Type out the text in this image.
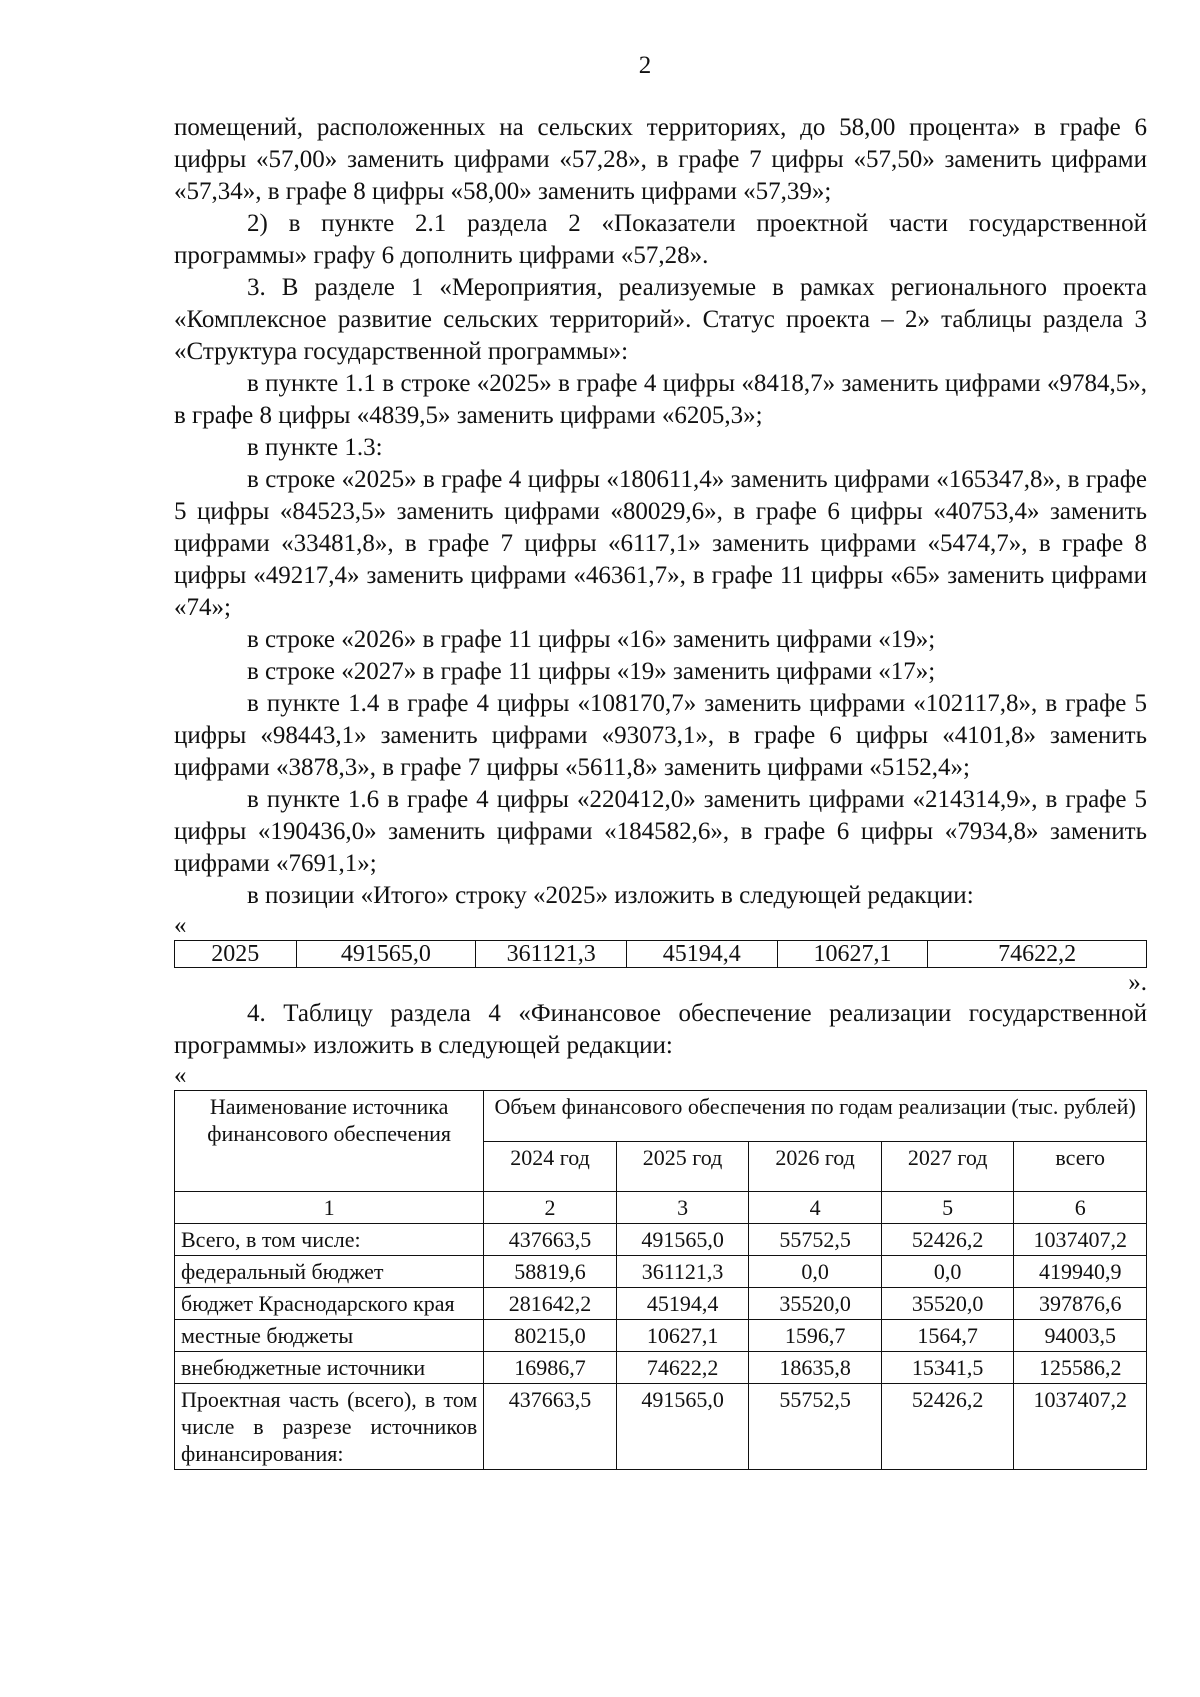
2

помещений, расположенных на сельских территориях, до 58,00 процента» в графе 6 цифры «57,00» заменить цифрами «57,28», в графе 7 цифры «57,50» заменить цифрами «57,34», в графе 8 цифры «58,00» заменить цифрами «57,39»;

2) в пункте 2.1 раздела 2 «Показатели проектной части государственной программы» графу 6 дополнить цифрами «57,28».

3. В разделе 1 «Мероприятия, реализуемые в рамках регионального проекта «Комплексное развитие сельских территорий». Статус проекта – 2» таблицы раздела 3 «Структура государственной программы»:

в пункте 1.1 в строке «2025» в графе 4 цифры «8418,7» заменить цифрами «9784,5», в графе 8 цифры «4839,5» заменить цифрами «6205,3»;

в пункте 1.3:

в строке «2025» в графе 4 цифры «180611,4» заменить цифрами «165347,8», в графе 5 цифры «84523,5» заменить цифрами «80029,6», в графе 6 цифры «40753,4» заменить цифрами «33481,8», в графе 7 цифры «6117,1» заменить цифрами «5474,7», в графе 8 цифры «49217,4» заменить цифрами «46361,7», в графе 11 цифры «65» заменить цифрами «74»;

в строке «2026» в графе 11 цифры «16» заменить цифрами «19»;

в строке «2027» в графе 11 цифры «19» заменить цифрами «17»;

в пункте 1.4 в графе 4 цифры «108170,7» заменить цифрами «102117,8», в графе 5 цифры «98443,1» заменить цифрами «93073,1», в графе 6 цифры «4101,8» заменить цифрами «3878,3», в графе 7 цифры «5611,8» заменить цифрами «5152,4»;

в пункте 1.6 в графе 4 цифры «220412,0» заменить цифрами «214314,9», в графе 5 цифры «190436,0» заменить цифрами «184582,6», в графе 6 цифры «7934,8» заменить цифрами «7691,1»;

в позиции «Итого» строку «2025» изложить в следующей редакции:

«

2025	491565,0	361121,3	45194,4	10627,1	74622,2

».

4. Таблицу раздела 4 «Финансовое обеспечение реализации государственной программы» изложить в следующей редакции:

«

Наименование источника финансового обеспечения	Объем финансового обеспечения по годам реализации (тыс. рублей)				
	2024 год	2025 год	2026 год	2027 год	всего
1	2	3	4	5	6
Всего, в том числе:	437663,5	491565,0	55752,5	52426,2	1037407,2
федеральный бюджет	58819,6	361121,3	0,0	0,0	419940,9
бюджет Краснодарского края	281642,2	45194,4	35520,0	35520,0	397876,6
местные бюджеты	80215,0	10627,1	1596,7	1564,7	94003,5
внебюджетные источники	16986,7	74622,2	18635,8	15341,5	125586,2
Проектная часть (всего), в том числе в разрезе источников финансирования:	437663,5	491565,0	55752,5	52426,2	1037407,2
